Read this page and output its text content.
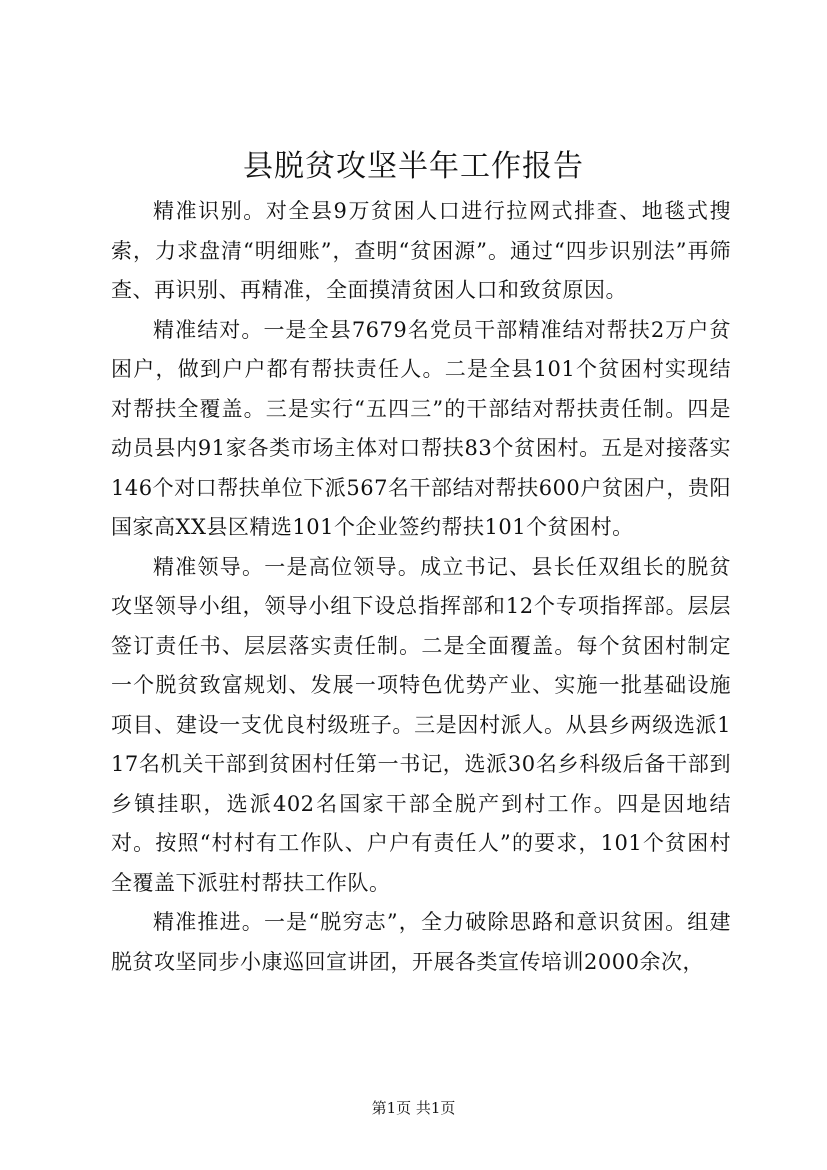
县脱贫攻坚半年工作报告

精准识别。对全县9万贫困人口进行拉网式排查、地毯式搜索，力求盘清“明细账”，查明“贫困源”。通过“四步识别法”再筛查、再识别、再精准，全面摸清贫困人口和致贫原因。

精准结对。一是全县7679名党员干部精准结对帮扶2万户贫困户，做到户户都有帮扶责任人。二是全县101个贫困村实现结对帮扶全覆盖。三是实行“五四三”的干部结对帮扶责任制。四是动员县内91家各类市场主体对口帮扶83个贫困村。五是对接落实146个对口帮扶单位下派567名干部结对帮扶600户贫困户，贵阳国家高XX县区精选101个企业签约帮扶101个贫困村。

精准领导。一是高位领导。成立书记、县长任双组长的脱贫攻坚领导小组，领导小组下设总指挥部和12个专项指挥部。层层签订责任书、层层落实责任制。二是全面覆盖。每个贫困村制定一个脱贫致富规划、发展一项特色优势产业、实施一批基础设施项目、建设一支优良村级班子。三是因村派人。从县乡两级选派117名机关干部到贫困村任第一书记，选派30名乡科级后备干部到乡镇挂职，选派402名国家干部全脱产到村工作。四是因地结对。按照“村村有工作队、户户有责任人”的要求，101个贫困村全覆盖下派驻村帮扶工作队。

精准推进。一是“脱穷志”，全力破除思路和意识贫困。组建脱贫攻坚同步小康巡回宣讲团，开展各类宣传培训2000余次，

第1页 共1页
